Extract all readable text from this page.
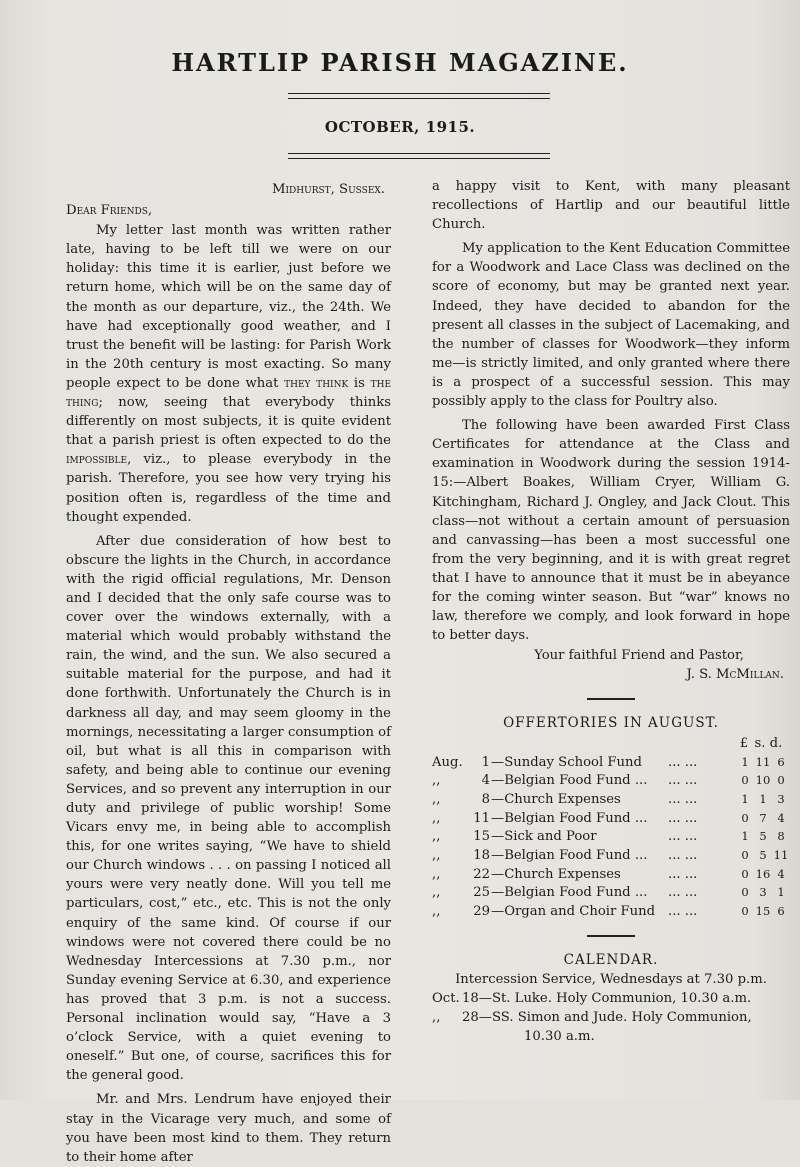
HARTLIP PARISH MAGAZINE.
OCTOBER, 1915.
Midhurst, Sussex.
Dear Friends,

My letter last month was written rather late, having to be left till we were on our holiday: this time it is earlier, just before we return home, which will be on the same day of the month as our departure, viz., the 24th. We have had exceptionally good weather, and I trust the benefit will be lasting: for Parish Work in the 20th century is most exacting. So many people expect to be done what they think is the thing; now, seeing that everybody thinks differently on most subjects, it is quite evident that a parish priest is often expected to do the impossible, viz., to please everybody in the parish. Therefore, you see how very trying his position often is, regardless of the time and thought expended.

After due consideration of how best to obscure the lights in the Church, in accordance with the rigid official regulations, Mr. Denson and I decided that the only safe course was to cover over the windows externally, with a material which would probably withstand the rain, the wind, and the sun. We also secured a suitable material for the purpose, and had it done forthwith. Unfortunately the Church is in darkness all day, and may seem gloomy in the mornings, necessitating a larger consumption of oil, but what is all this in comparison with safety, and being able to continue our evening Services, and so prevent any interruption in our duty and privilege of public worship! Some Vicars envy me, in being able to accomplish this, for one writes saying, “We have to shield our Church windows . . . on passing I noticed all yours were very neatly done. Will you tell me particulars, cost,” etc., etc. This is not the only enquiry of the same kind. Of course if our windows were not covered there could be no Wednesday Intercessions at 7.30 p.m., nor Sunday evening Service at 6.30, and experience has proved that 3 p.m. is not a success. Personal inclination would say, “Have a 3 o’clock Service, with a quiet evening to oneself.” But one, of course, sacrifices this for the general good.

Mr. and Mrs. Lendrum have enjoyed their stay in the Vicarage very much, and some of you have been most kind to them. They return to their home after

a happy visit to Kent, with many pleasant recollections of Hartlip and our beautiful little Church.

My application to the Kent Education Committee for a Woodwork and Lace Class was declined on the score of economy, but may be granted next year. Indeed, they have decided to abandon for the present all classes in the subject of Lacemaking, and the number of classes for Woodwork—they inform me—is strictly limited, and only granted where there is a prospect of a successful session. This may possibly apply to the class for Poultry also.

The following have been awarded First Class Certificates for attendance at the Class and examination in Woodwork during the session 1914-15:—Albert Boakes, William Cryer, William G. Kitchingham, Richard J. Ongley, and Jack Clout. This class—not without a certain amount of persuasion and canvassing—has been a most successful one from the very beginning, and it is with great regret that I have to announce that it must be in abeyance for the coming winter season. But “war” knows no law, therefore we comply, and look forward in hope to better days.

Your faithful Friend and Pastor,
J. S. McMillan.
OFFERTORIES IN AUGUST.
£ s. d.
Aug.	1 —Sunday School Fund	... ...	1 11 6
,,	4 —Belgian Food Fund ...	... ...	0 10 0
,,	8 —Church Expenses	... ...	1 1 3
,,	11 —Belgian Food Fund ...	... ...	0 7 4
,,	15 —Sick and Poor	... ...	1 5 8
,,	18 —Belgian Food Fund ...	... ...	0 5 11
,,	22 —Church Expenses	... ...	0 16 4
,,	25 —Belgian Food Fund ...	... ...	0 3 1
,,	29 —Organ and Choir Fund ... ...	0 15 6
CALENDAR.
Intercession Service, Wednesdays at 7.30 p.m.
Oct. 18—St. Luke. Holy Communion, 10.30 a.m.
,,	28—SS. Simon and Jude. Holy Communion,
10.30 a.m.
